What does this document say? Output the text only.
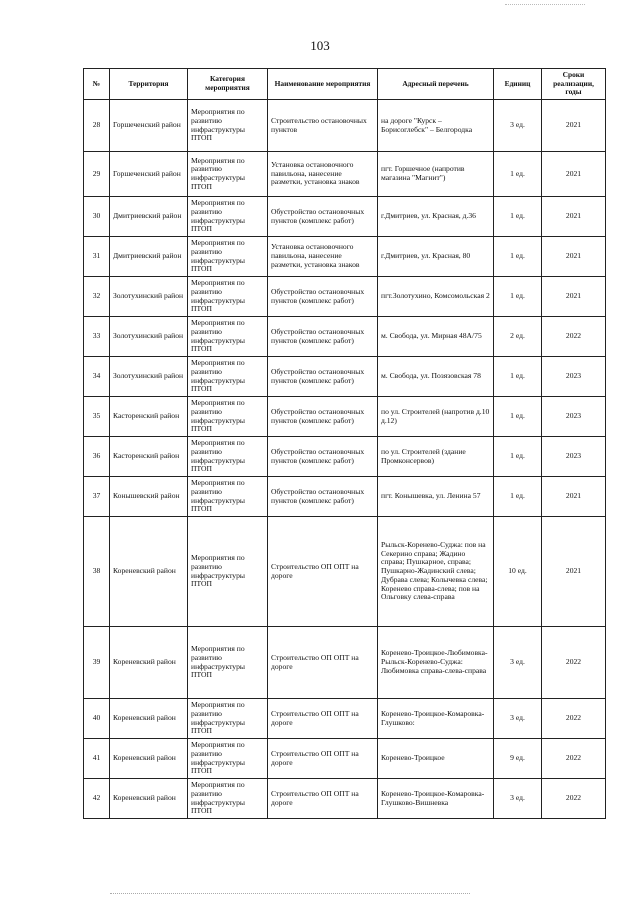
103
№	Территория	Категория мероприятия	Наименование мероприятия	Адресный перечень	Единиц	Сроки реализации, годы
28	Горшеченский район	Мероприятия по развитию инфраструктуры ПТОП	Строительство остановочных пунктов	на дороге "Курск – Борисоглебск" – Белгородка	3 ед.	2021
29	Горшеченский район	Мероприятия по развитию инфраструктуры ПТОП	Установка остановочного павильона, нанесение разметки, установка знаков	пгт. Горшечное (напротив магазина "Магнит")	1 ед.	2021
30	Дмитриевский район	Мероприятия по развитию инфраструктуры ПТОП	Обустройство остановочных пунктов (комплекс работ)	г.Дмитриев, ул. Красная, д.36	1 ед.	2021
31	Дмитриевский район	Мероприятия по развитию инфраструктуры ПТОП	Установка остановочного павильона, нанесение разметки, установка знаков	г.Дмитриев, ул. Красная, 80	1 ед.	2021
32	Золотухинский район	Мероприятия по развитию инфраструктуры ПТОП	Обустройство остановочных пунктов (комплекс работ)	пгт.Золотухино, Комсомольская 2	1 ед.	2021
33	Золотухинский район	Мероприятия по развитию инфраструктуры ПТОП	Обустройство остановочных пунктов (комплекс работ)	м. Свобода, ул. Мирная 48А/75	2 ед.	2022
34	Золотухинский район	Мероприятия по развитию инфраструктуры ПТОП	Обустройство остановочных пунктов (комплекс работ)	м. Свобода, ул. Позязовская 78	1 ед.	2023
35	Касторенский район	Мероприятия по развитию инфраструктуры ПТОП	Обустройство остановочных пунктов (комплекс работ)	по ул. Строителей (напротив д.10 д.12)	1 ед.	2023
36	Касторенский район	Мероприятия по развитию инфраструктуры ПТОП	Обустройство остановочных пунктов (комплекс работ)	по ул. Строителей (здание Промконсервов)	1 ед.	2023
37	Конышевский район	Мероприятия по развитию инфраструктуры ПТОП	Обустройство остановочных пунктов (комплекс работ)	пгт. Конышевка, ул. Ленина 57	1 ед.	2021
38	Кореневский район	Мероприятия по развитию инфраструктуры ПТОП	Строительство ОП ОПТ на дороге	Рыльск-Коренево-Суджа: пов на Секерино справа; Жадино справа; Пушкарное, справа; Пушкарно-Жадинский слева; Дубрава слева; Колычевка слева; Коренево справа-слева; пов на Ольговку слева-справа	10 ед.	2021
39	Кореневский район	Мероприятия по развитию инфраструктуры ПТОП	Строительство ОП ОПТ на дороге	Коренево-Троицкое-Любимовка-Рыльск-Коренево-Суджа: Любимовка справа-слева-справа	3 ед.	2022
40	Кореневский район	Мероприятия по развитию инфраструктуры ПТОП	Строительство ОП ОПТ на дороге	Коренево-Троицкое-Комаровка-Глушково:	3 ед.	2022
41	Кореневский район	Мероприятия по развитию инфраструктуры ПТОП	Строительство ОП ОПТ на дороге	Коренево-Троицкое	9 ед.	2022
42	Кореневский район	Мероприятия по развитию инфраструктуры ПТОП	Строительство ОП ОПТ на дороге	Коренево-Троицкое-Комаровка-Глушково-Вишневка	3 ед.	2022
